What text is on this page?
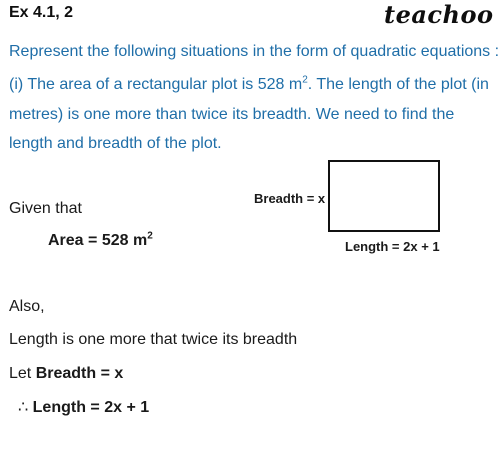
Ex 4.1, 2	teachoo
Represent the following situations in the form of quadratic equations :
(i) The area of a rectangular plot is 528 $m^2$. The length of the plot (in
metres) is one more than twice its breadth. We need to find the
length and breadth of the plot.
Breadth = x
Length = 2x + 1
Given that
Area = 528 $m^2$
Also,
Length is one more that twice its breadth
Let Breadth = x
∴ Length = 2x + 1
